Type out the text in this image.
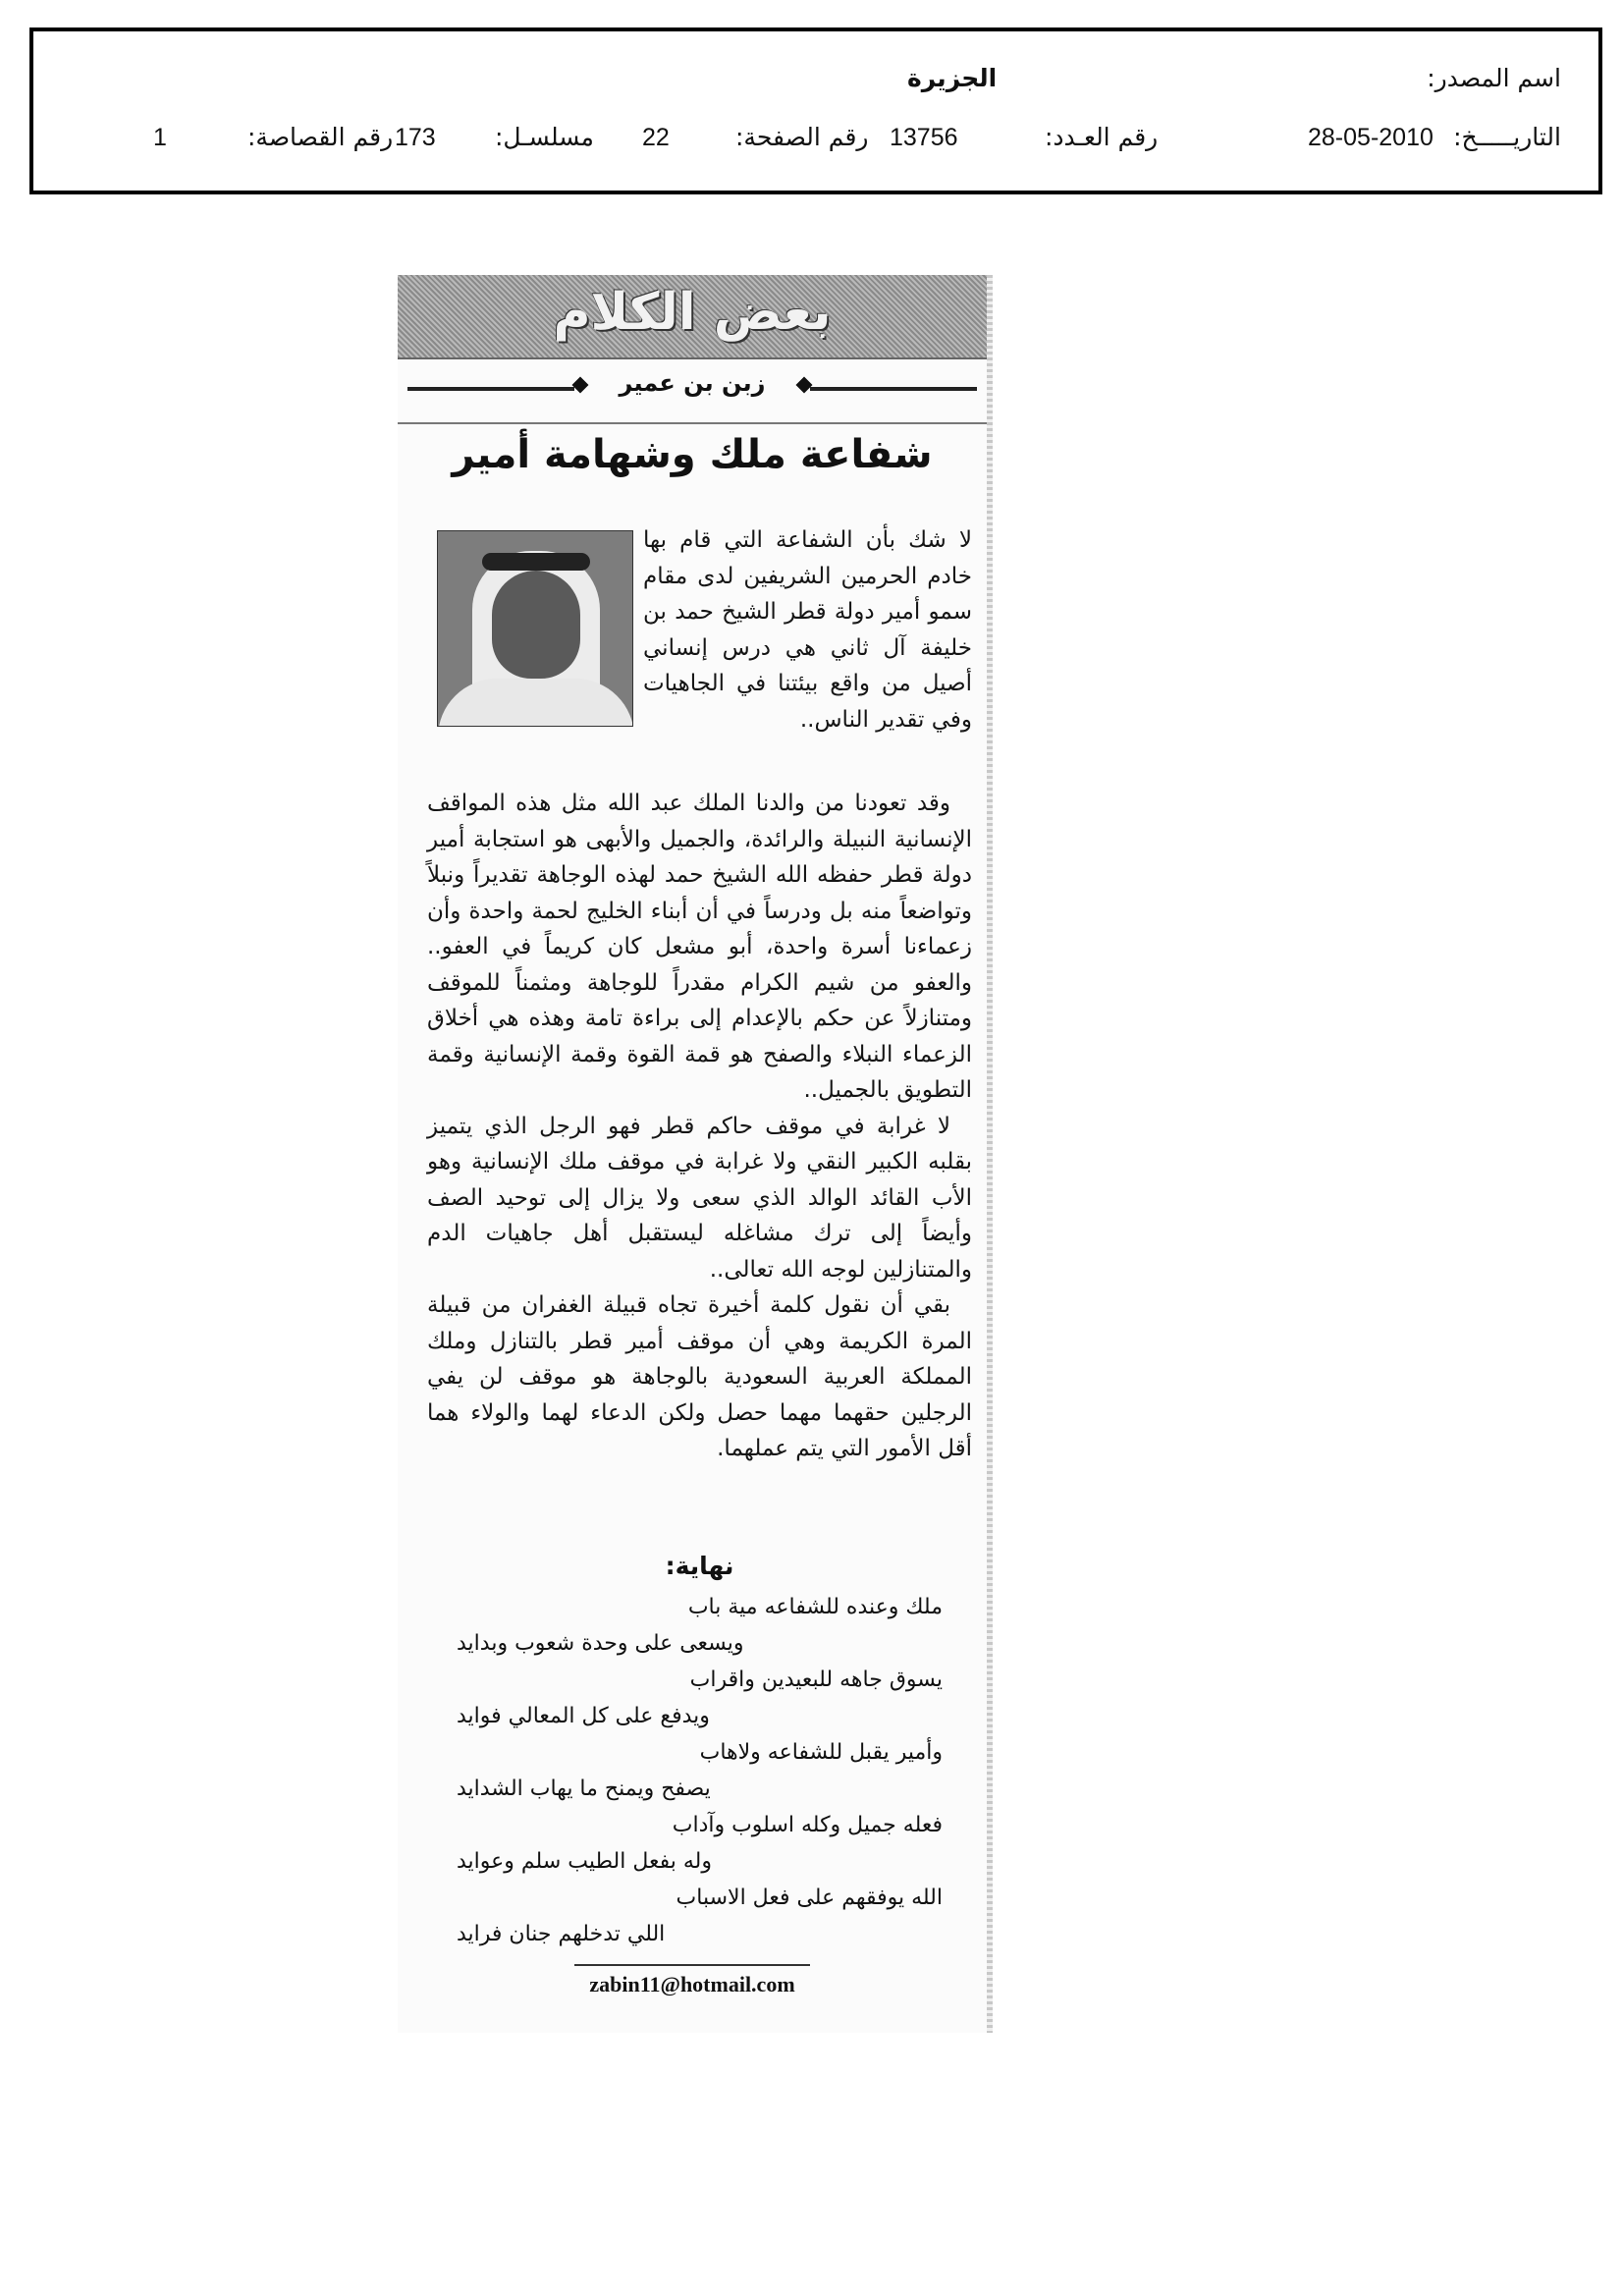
اسم المصدر:
الجزيرة
التاريـــــخ:
28-05-2010
رقم العـدد:
13756
رقم الصفحة:
22
مسلسـل:
173
رقم القصاصة:
1
بعض الكلام
زبن بن عمير
شفاعة ملك وشهامة أمير

لا شك بأن الشفاعة التي قام بها خادم الحرمين الشريفين لدى مقام سمو أمير دولة قطر الشيخ حمد بن خليفة آل ثاني هي درس إنساني أصيل من واقع بيئتنا في الجاهيات وفي تقدير الناس..

وقد تعودنا من والدنا الملك عبد الله مثل هذه المواقف الإنسانية النبيلة والرائدة، والجميل والأبهى هو استجابة أمير دولة قطر حفظه الله الشيخ حمد لهذه الوجاهة تقديراً ونبلاً وتواضعاً منه بل ودرساً في أن أبناء الخليج لحمة واحدة وأن زعماءنا أسرة واحدة، أبو مشعل كان كريماً في العفو.. والعفو من شيم الكرام مقدراً للوجاهة ومثمناً للموقف ومتنازلاً عن حكم بالإعدام إلى براءة تامة وهذه هي أخلاق الزعماء النبلاء والصفح هو قمة القوة وقمة الإنسانية وقمة التطويق بالجميل..

لا غرابة في موقف حاكم قطر فهو الرجل الذي يتميز بقلبه الكبير النقي ولا غرابة في موقف ملك الإنسانية وهو الأب القائد الوالد الذي سعى ولا يزال إلى توحيد الصف وأيضاً إلى ترك مشاغله ليستقبل أهل جاهيات الدم والمتنازلين لوجه الله تعالى..

بقي أن نقول كلمة أخيرة تجاه قبيلة الغفران من قبيلة المرة الكريمة وهي أن موقف أمير قطر بالتنازل وملك المملكة العربية السعودية بالوجاهة هو موقف لن يفي الرجلين حقهما مهما حصل ولكن الدعاء لهما والولاء هما أقل الأمور التي يتم عملهما.

نهاية:
ملك وعنده للشفاعه مية باب
ويسعى على وحدة شعوب وبدايد
يسوق جاهه للبعيدين واقراب
ويدفع على كل المعالي فوايد
وأمير يقبل للشفاعه ولاهاب
يصفح ويمنح ما يهاب الشدايد
فعله جميل وكله اسلوب وآداب
وله بفعل الطيب سلم وعوايد
الله يوفقهم على فعل الاسباب
اللي تدخلهم جنان فرايد
zabin11@hotmail.com
